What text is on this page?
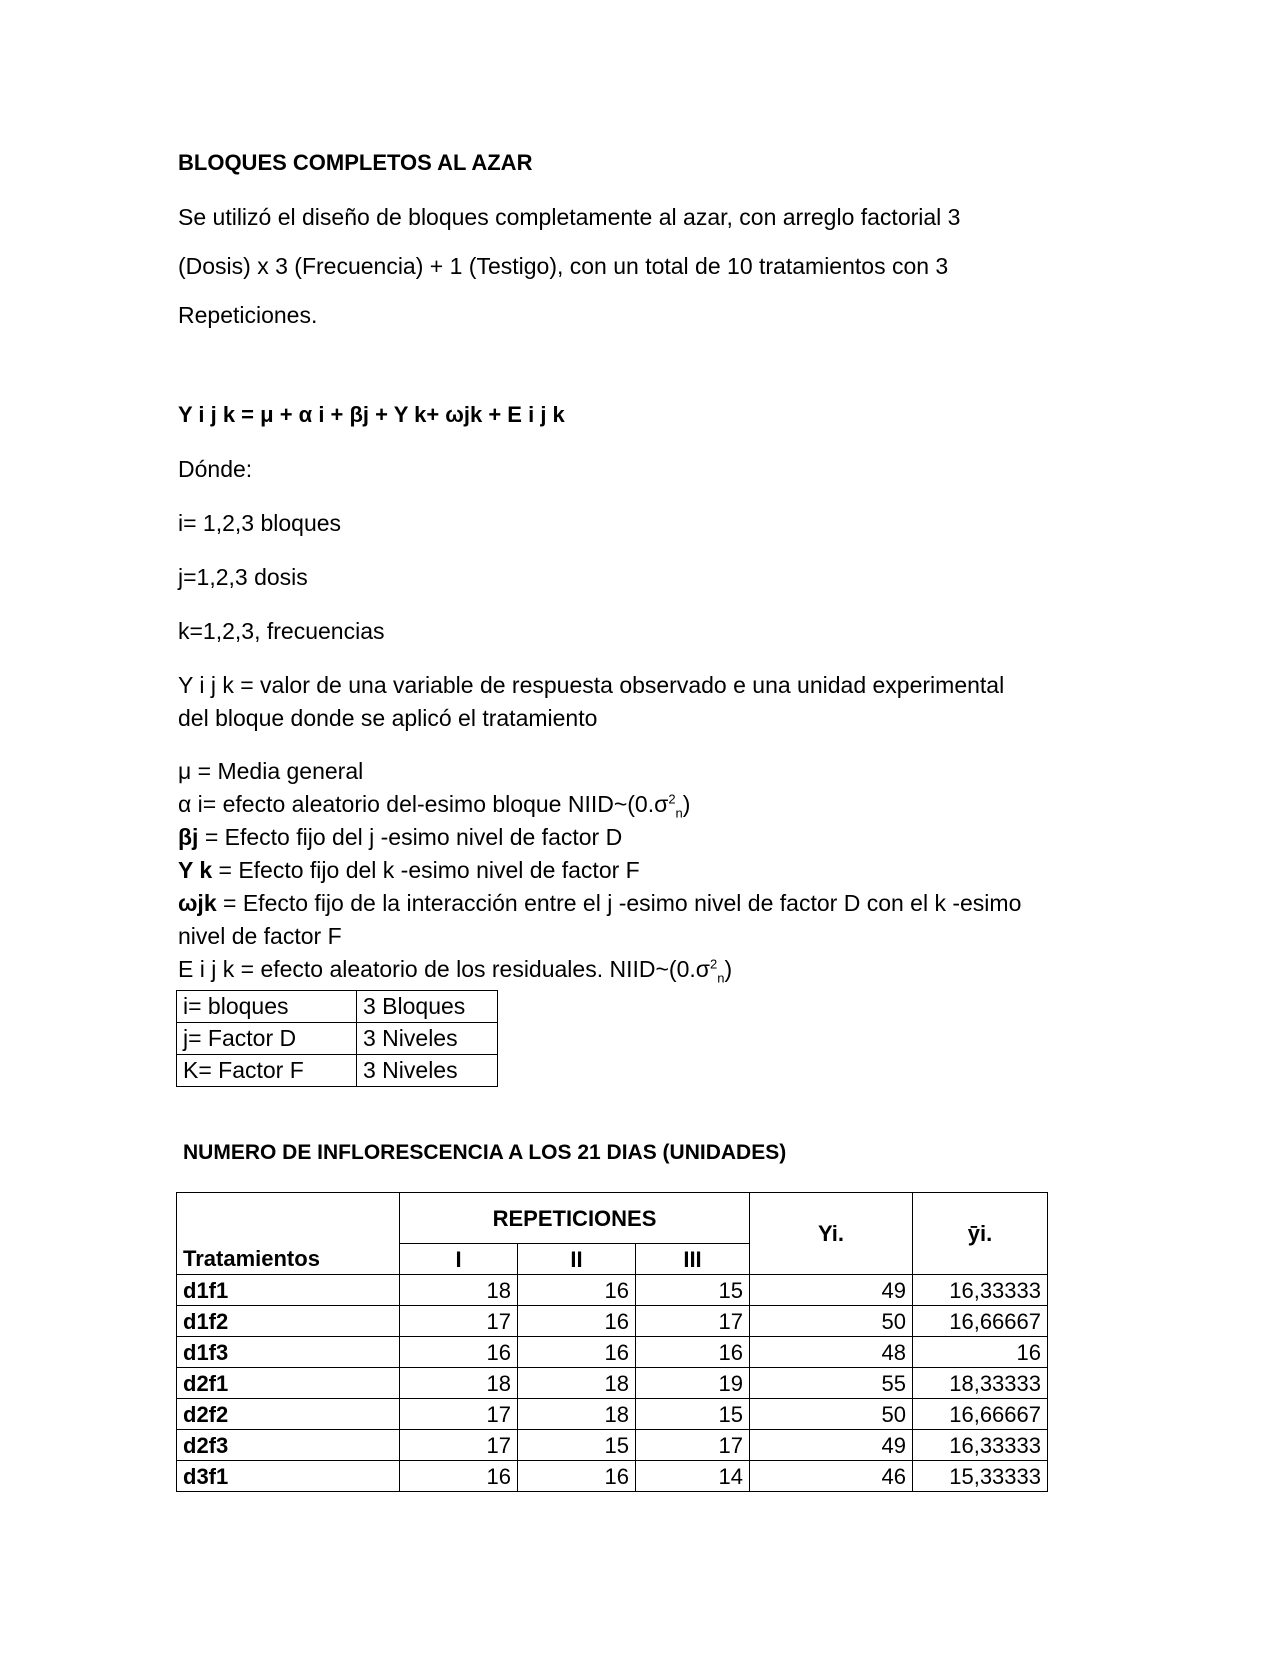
BLOQUES COMPLETOS AL AZAR

Se utilizó el diseño de bloques completamente al azar, con arreglo factorial 3

(Dosis) x 3 (Frecuencia) + 1 (Testigo), con un total de 10 tratamientos con 3

Repeticiones.

Y i j k = μ + α i + βj + Y k+ ωjk + E i j k

Dónde:

i= 1,2,3 bloques

j=1,2,3 dosis

k=1,2,3, frecuencias

Y i j k = valor de una variable de respuesta observado e una unidad experimental

del bloque donde se aplicó el tratamiento

μ = Media general
α i= efecto aleatorio del-esimo bloque $NIID\sim(0.\sigma^2_n)$
βj = Efecto fijo del j -esimo nivel de factor D
Y k = Efecto fijo del k -esimo nivel de factor F
ωjk = Efecto fijo de la interacción entre el j -esimo nivel de factor D con el k -esimo
nivel de factor F
E i j k = efecto aleatorio de los residuales. $NIID\sim(0.\sigma^2_n)$
i= bloques	3 Bloques
j= Factor D	3 Niveles
K= Factor F	3 Niveles

NUMERO DE INFLORESCENCIA A LOS 21 DIAS (UNIDADES)

	REPETICIONES			Yi.	ȳi.
Tratamientos	I	II	III		
d1f1	18	16	15	49	16,33333
d1f2	17	16	17	50	16,66667
d1f3	16	16	16	48	16
d2f1	18	18	19	55	18,33333
d2f2	17	18	15	50	16,66667
d2f3	17	15	17	49	16,33333
d3f1	16	16	14	46	15,33333
